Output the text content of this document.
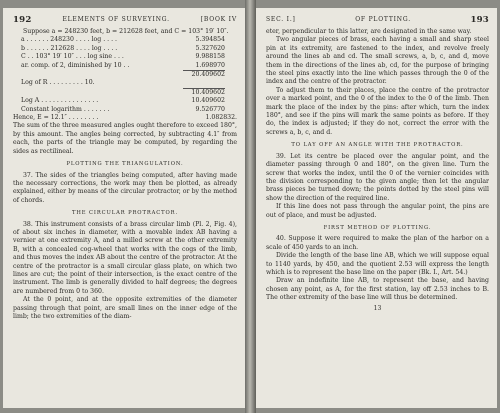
192	ELEMENTS OF SURVEYING.	[BOOK IV

Suppose a = 248230 feet, b = 212628 feet, and C = 103° 19′ 10″.

a . . . . . . 248230 . . . . log . . . .	5.394854
b . . . . . . 212628 . . . . log . . . .	5.327620
C . . 103° 19′ 10″ . . . log sine . . .	9.988158
ar. comp. of 2, diminished by 10 . .	1.698970
20.409602
Log of R . . . . . . . . . 10.
10.409602
Log A . . . . . . . . . . . . . . .	10.409602
Constant logarithm . . . . . . .	9.526770
Hence, E = 12.1″ . . . . . . . .	1.082832.

The sum of the three measured angles ought therefore to exceed 180°, by this amount. The angles being corrected, by subtracting 4.1″ from each, the parts of the triangle may be computed, by regarding the sides as rectilineal.

PLOTTING THE TRIANGULATION.

37. The sides of the triangles being computed, after having made the necessary corrections, the work may then be plotted, as already explained, either by means of the circular protractor, or by the method of chords.

THE CIRCULAR PROTRACTOR.

38. This instrument consists of a brass circular limb (Pl. 2, Fig. 4), of about six inches in diameter, with a movable index AB having a vernier at one extremity A, and a milled screw at the other extremity B, with a concealed cog-wheel that works with the cogs of the limb, and thus moves the index AB about the centre of the protractor. At the centre of the protractor is a small circular glass plate, on which two lines are cut; the point of their intersection, is the exact centre of the instrument. The limb is generally divided to half degrees; the degrees are numbered from 0 to 360.

At the 0 point, and at the opposite extremities of the diameter passing through that point, are small lines on the inner edge of the limb; the two extremities of the diam-

SEC. I.]	OF PLOTTING.	193

eter, perpendicular to this latter, are designated in the same way.

Two angular pieces of brass, each having a small and sharp steel pin at its extremity, are fastened to the index, and revolve freely around the lines ab and cd. The small screws, a, b, c, and d, move them in the directions of the lines ab, cd, for the purpose of bringing the steel pins exactly into the line which passes through the 0 of the index and the centre of the protractor.

To adjust them to their places, place the centre of the protractor over a marked point, and the 0 of the index to the 0 of the limb. Then mark the place of the index by the pins: after which, turn the index 180°, and see if the pins will mark the same points as before. If they do, the index is adjusted; if they do not, correct the error with the screws a, b, c, and d.

TO LAY OFF AN ANGLE WITH THE PROTRACTOR.

39. Let its centre be placed over the angular point, and the diameter passing through 0 and 180°, on the given line. Turn the screw that works the index, until the 0 of the vernier coincides with the division corresponding to the given angle; then let the angular brass pieces be turned down; the points dotted by the steel pins will show the direction of the required line.

If this line does not pass through the angular point, the pins are out of place, and must be adjusted.

FIRST METHOD OF PLOTTING.

40. Suppose it were required to make the plan of the harbor on a scale of 450 yards to an inch.

Divide the length of the base line AB, which we will suppose equal to 1140 yards, by 450, and the quotient 2.53 will express the length which is to represent the base line on the paper (Bk. I., Art. 54.)

Draw an indefinite line AB, to represent the base, and having chosen any point, as A, for the first station, lay off 2.53 inches to B. The other extremity of the base line will thus be determined.

13
